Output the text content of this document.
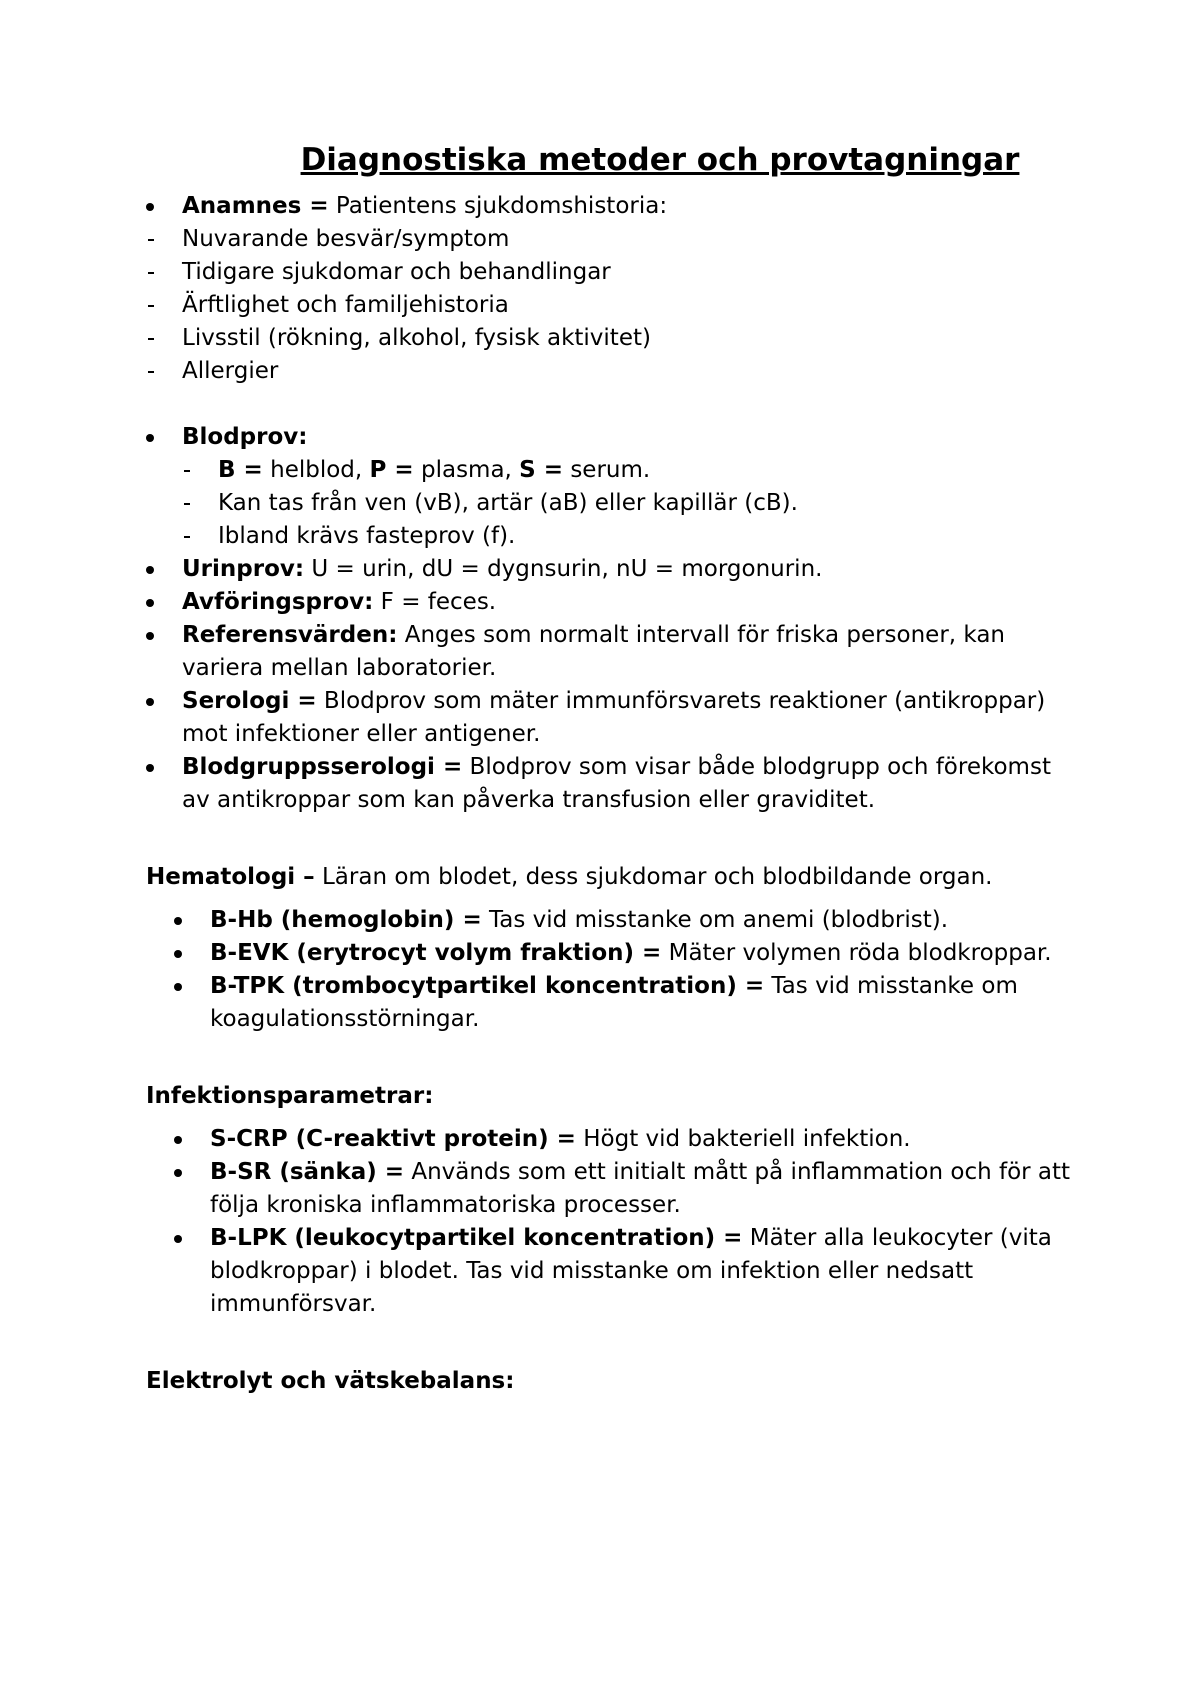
Diagnostiska metoder och provtagningar
Anamnes = Patientens sjukdomshistoria:
Nuvarande besvär/symptom
Tidigare sjukdomar och behandlingar
Ärftlighet och familjehistoria
Livsstil (rökning, alkohol, fysisk aktivitet)
Allergier
Blodprov:
B = helblod, P = plasma, S = serum.
Kan tas från ven (vB), artär (aB) eller kapillär (cB).
Ibland krävs fasteprov (f).
Urinprov: U = urin, dU = dygnsurin, nU = morgonurin.
Avföringsprov: F = feces.
Referensvärden: Anges som normalt intervall för friska personer, kan variera mellan laboratorier.
Serologi = Blodprov som mäter immunförsvarets reaktioner (antikroppar) mot infektioner eller antigener.
Blodgruppsserologi = Blodprov som visar både blodgrupp och förekomst av antikroppar som kan påverka transfusion eller graviditet.
Hematologi – Läran om blodet, dess sjukdomar och blodbildande organ.
B-Hb (hemoglobin) = Tas vid misstanke om anemi (blodbrist).
B-EVK (erytrocyt volym fraktion) = Mäter volymen röda blodkroppar.
B-TPK (trombocytpartikel koncentration) = Tas vid misstanke om koagulationsstörningar.
Infektionsparametrar:
S-CRP (C-reaktivt protein) = Högt vid bakteriell infektion.
B-SR (sänka) = Används som ett initialt mått på inflammation och för att följa kroniska inflammatoriska processer.
B-LPK (leukocytpartikel koncentration) = Mäter alla leukocyter (vita blodkroppar) i blodet. Tas vid misstanke om infektion eller nedsatt immunförsvar.
Elektrolyt och vätskebalans:
